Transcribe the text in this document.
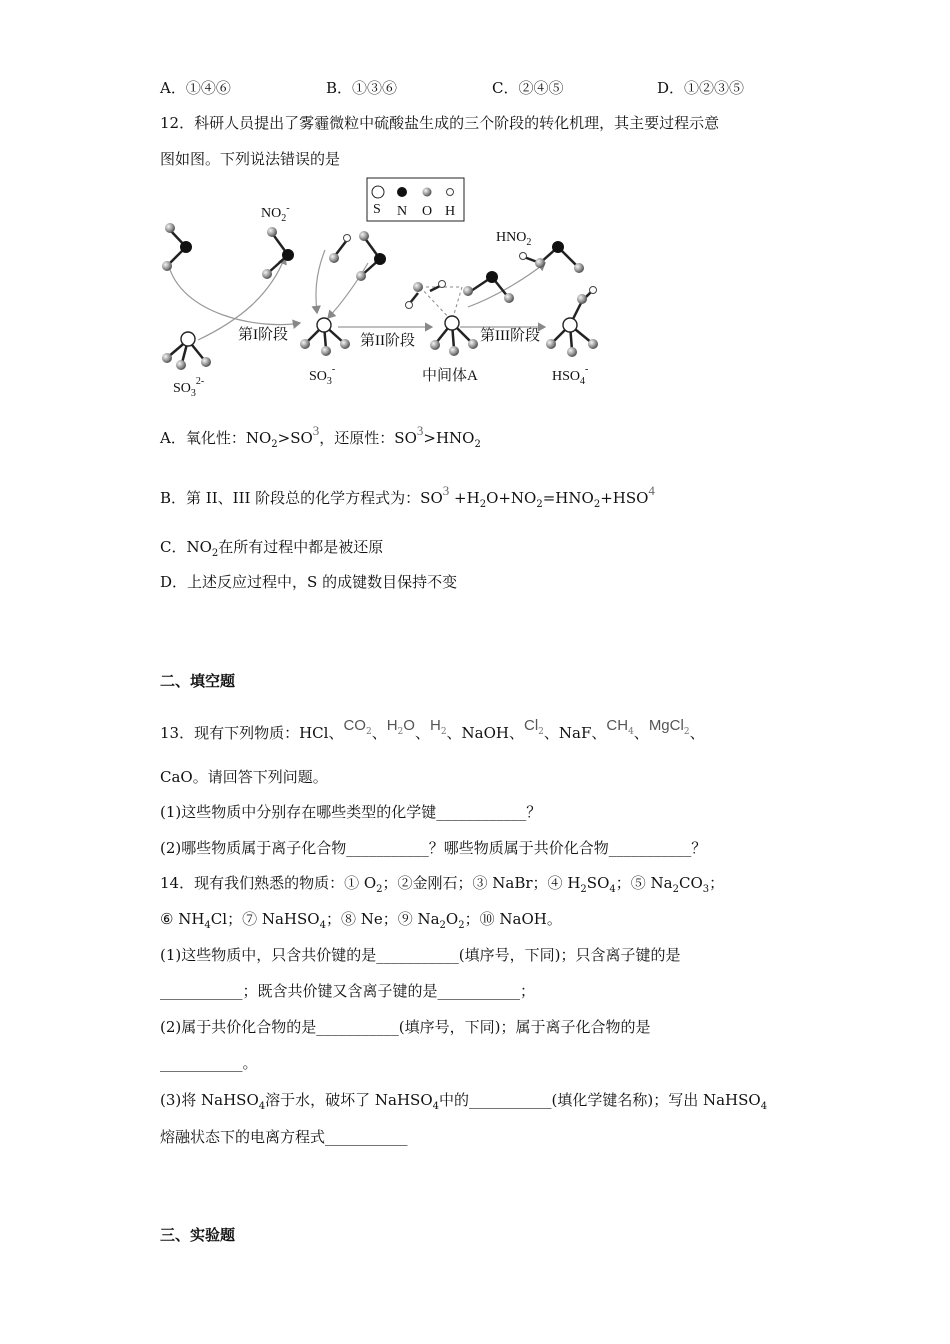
A．①④⑥	B．①③⑥	C．②④⑤	D．①②③⑤
12．科研人员提出了雾霾微粒中硫酸盐生成的三个阶段的转化机理，其主要过程示意
图如图。下列说法错误的是
S N O H
$NO_2^-$
$HNO_2$
$SO_3^{2-}$	$SO_3^-$	中间体A	$HSO_4^-$
第I阶段	第II阶段	第III阶段
A．氧化性：$NO_2>SO3$，还原性：$SO3>HNO_2$
B．第 II、III 阶段总的化学方程式为：$SO3 +H_2O+NO_2=HNO_2+HSO4$
C．$NO_2$在所有过程中都是被还原
D．上述反应过程中，S 的成键数目保持不变
二、填空题
13．现有下列物质：HCl、$CO^2$、$H^2O$、$H^2$、NaOH、Cl$^2$、NaF、$CH^4$、MgCl$^2$、
CaO。请回答下列问题。
(1)这些物质中分别存在哪些类型的化学键____________？
(2)哪些物质属于离子化合物___________？哪些物质属于共价化合物___________？
14．现有我们熟悉的物质：① $O_2$；②金刚石；③ NaBr；④ $H_2SO_4$；⑤ $Na_2CO_3$；
⑥ $NH_4Cl$；⑦ NaHSO$_4$；⑧ Ne；⑨ $Na_2O_2$；⑩ NaOH。
(1)这些物质中，只含共价键的是___________(填序号，下同)；只含离子键的是
___________；既含共价键又含离子键的是___________；
(2)属于共价化合物的是___________(填序号，下同)；属于离子化合物的是
___________。
(3)将 NaHSO$_4$溶于水，破坏了 NaHSO$_4$中的___________(填化学键名称)；写出 NaHSO$_4$
熔融状态下的电离方程式___________
三、实验题
